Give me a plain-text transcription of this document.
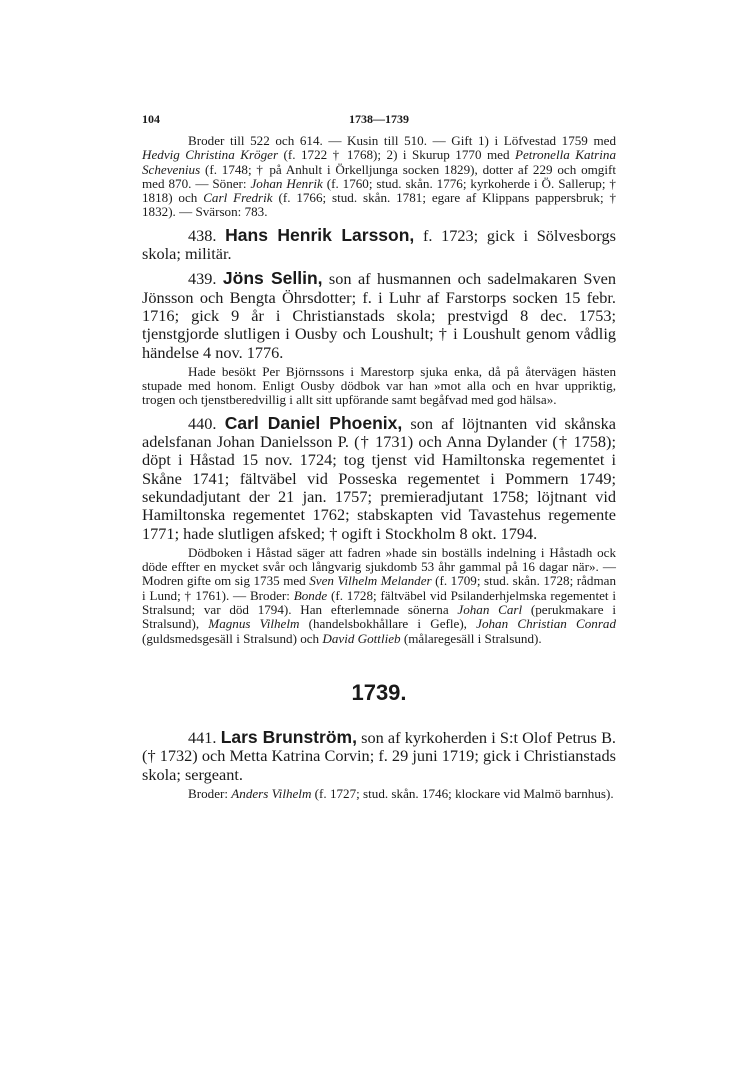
104	1738—1739

Broder till 522 och 614. — Kusin till 510. — Gift 1) i Löfvestad 1759 med Hedvig Christina Kröger (f. 1722 † 1768); 2) i Skurup 1770 med Petronella Katrina Schevenius (f. 1748; † på Anhult i Örkelljunga socken 1829), dotter af 229 och omgift med 870. — Söner: Johan Henrik (f. 1760; stud. skån. 1776; kyrkoherde i Ö. Sallerup; † 1818) och Carl Fredrik (f. 1766; stud. skån. 1781; egare af Klippans pappersbruk; † 1832). — Svärson: 783.

438. Hans Henrik Larsson, f. 1723; gick i Sölvesborgs skola; militär.

439. Jöns Sellin, son af husmannen och sadelmakaren Sven Jönsson och Bengta Öhrsdotter; f. i Luhr af Farstorps socken 15 febr. 1716; gick 9 år i Christianstads skola; prestvigd 8 dec. 1753; tjenstgjorde slutligen i Ousby och Loushult; † i Loushult genom vådlig händelse 4 nov. 1776.

Hade besökt Per Björnssons i Marestorp sjuka enka, då på återvägen hästen stupade med honom. Enligt Ousby dödbok var han »mot alla och en hvar uppriktig, trogen och tjenstberedvillig i allt sitt upförande samt begåfvad med god hälsa».

440. Carl Daniel Phoenix, son af löjtnanten vid skånska adelsfanan Johan Danielsson P. († 1731) och Anna Dylander († 1758); döpt i Håstad 15 nov. 1724; tog tjenst vid Hamiltonska regementet i Skåne 1741; fältväbel vid Posseska regementet i Pommern 1749; sekundadjutant der 21 jan. 1757; premieradjutant 1758; löjtnant vid Hamiltonska regementet 1762; stabskapten vid Tavastehus regemente 1771; hade slutligen afsked; † ogift i Stockholm 8 okt. 1794.

Dödboken i Håstad säger att fadren »hade sin boställs indelning i Håstadh ock döde effter en mycket svår och långvarig sjukdomb 53 åhr gammal på 16 dagar när». — Modren gifte om sig 1735 med Sven Vilhelm Melander (f. 1709; stud. skån. 1728; rådman i Lund; † 1761). — Broder: Bonde (f. 1728; fältväbel vid Psilanderhjelmska regementet i Stralsund; var död 1794). Han efterlemnade sönerna Johan Carl (perukmakare i Stralsund), Magnus Vilhelm (handelsbokhållare i Gefle), Johan Christian Conrad (guldsmedsgesäll i Stralsund) och David Gottlieb (målaregesäll i Stralsund).

1739.

441. Lars Brunström, son af kyrkoherden i S:t Olof Petrus B. († 1732) och Metta Katrina Corvin; f. 29 juni 1719; gick i Christianstads skola; sergeant.

Broder: Anders Vilhelm (f. 1727; stud. skån. 1746; klockare vid Malmö barnhus).
